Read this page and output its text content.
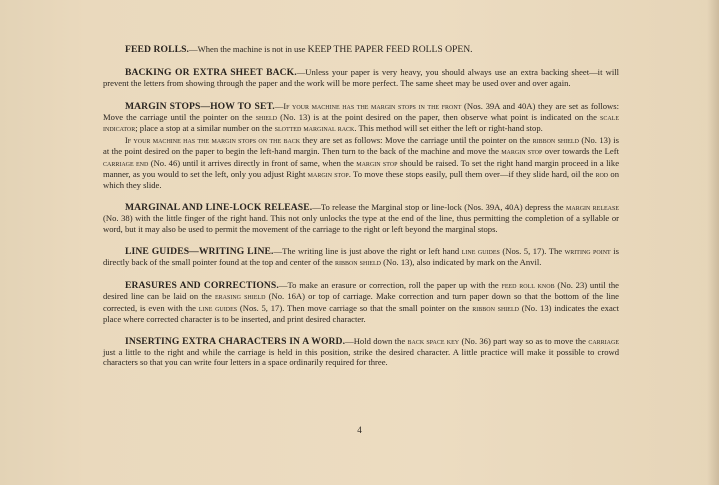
FEED ROLLS.—When the machine is not in use KEEP THE PAPER FEED ROLLS OPEN.

BACKING OR EXTRA SHEET BACK.—Unless your paper is very heavy, you should always use an extra backing sheet—it will prevent the letters from showing through the paper and the work will be more perfect. The same sheet may be used over and over again.

MARGIN STOPS—HOW TO SET.—If your machine has the margin stops in the front (Nos. 39A and 40A) they are set as follows: Move the carriage until the pointer on the shield (No. 13) is at the point desired on the paper, then observe what point is indicated on the scale indicator; place a stop at a similar number on the slotted marginal rack. This method will set either the left or right-hand stop.

If your machine has the margin stops on the back they are set as follows: Move the carriage until the pointer on the ribbon shield (No. 13) is at the point desired on the paper to begin the left-hand margin. Then turn to the back of the machine and move the margin stop over towards the Left carriage end (No. 46) until it arrives directly in front of same, when the margin stop should be raised. To set the right hand margin proceed in a like manner, as you would to set the left, only you adjust Right margin stop. To move these stops easily, pull them over—if they slide hard, oil the rod on which they slide.

MARGINAL AND LINE-LOCK RELEASE.—To release the Marginal stop or line-lock (Nos. 39A, 40A) depress the margin release (No. 38) with the little finger of the right hand. This not only unlocks the type at the end of the line, thus permitting the completion of a syllable or word, but it may also be used to permit the movement of the carriage to the right or left beyond the marginal stops.

LINE GUIDES—WRITING LINE.—The writing line is just above the right or left hand line guides (Nos. 5, 17). The writing point is directly back of the small pointer found at the top and center of the ribbon shield (No. 13), also indicated by mark on the Anvil.

ERASURES AND CORRECTIONS.—To make an erasure or correction, roll the paper up with the feed roll knob (No. 23) until the desired line can be laid on the erasing shield (No. 16A) or top of carriage. Make correction and turn paper down so that the bottom of the line corrected, is even with the line guides (Nos. 5, 17). Then move carriage so that the small pointer on the ribbon shield (No. 13) indicates the exact place where corrected character is to be inserted, and print desired character.

INSERTING EXTRA CHARACTERS IN A WORD.—Hold down the back space key (No. 36) part way so as to move the carriage just a little to the right and while the carriage is held in this position, strike the desired character. A little practice will make it possible to crowd characters so that you can write four letters in a space ordinarily required for three.

4
